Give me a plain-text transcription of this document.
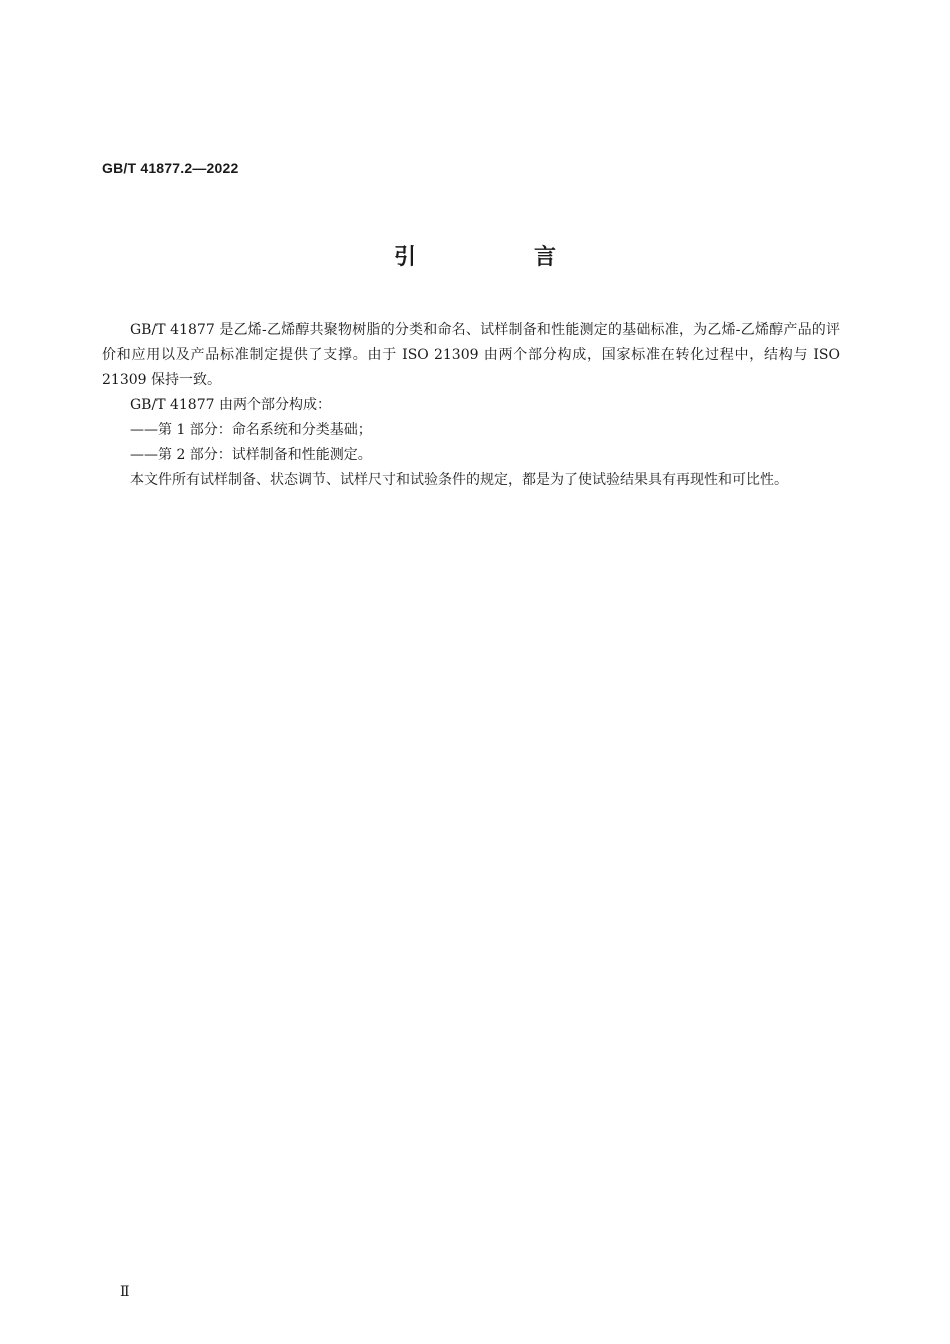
GB/T 41877.2—2022
引　言

GB/T 41877 是乙烯-乙烯醇共聚物树脂的分类和命名、试样制备和性能测定的基础标准，为乙烯-乙烯醇产品的评价和应用以及产品标准制定提供了支撑。由于 ISO 21309 由两个部分构成，国家标准在转化过程中，结构与 ISO 21309 保持一致。

GB/T 41877 由两个部分构成：

——第 1 部分：命名系统和分类基础；

——第 2 部分：试样制备和性能测定。

本文件所有试样制备、状态调节、试样尺寸和试验条件的规定，都是为了使试验结果具有再现性和可比性。

Ⅱ
